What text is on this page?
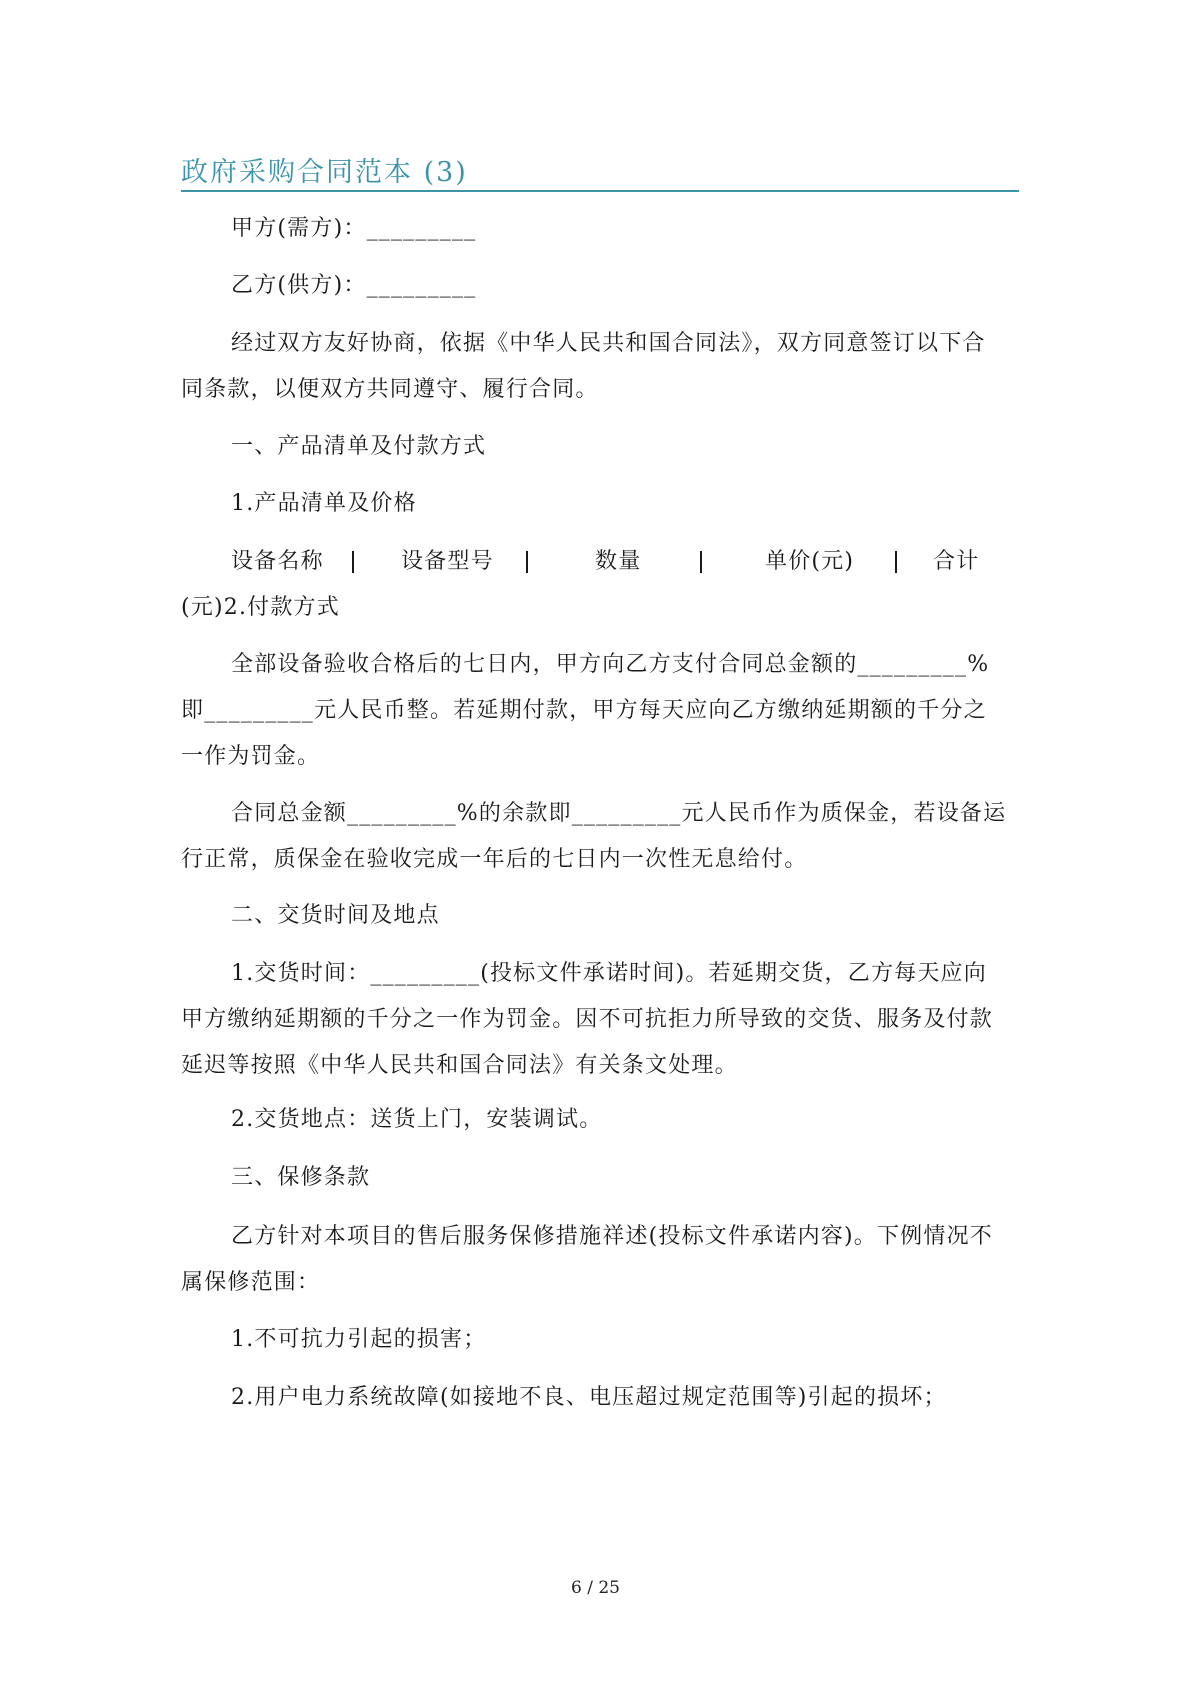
政府采购合同范本 (3)
甲方(需方)：_________
乙方(供方)：_________
经过双方友好协商，依据《中华人民共和国合同法》，双方同意签订以下合
同条款，以便双方共同遵守、履行合同。
一、产品清单及付款方式
1.产品清单及价格
设备名称	设备型号	数量	单价(元)	合计
(元)2.付款方式
全部设备验收合格后的七日内，甲方向乙方支付合同总金额的_________%
即_________元人民币整。若延期付款，甲方每天应向乙方缴纳延期额的千分之
一作为罚金。
合同总金额_________%的余款即_________元人民币作为质保金，若设备运
行正常，质保金在验收完成一年后的七日内一次性无息给付。
二、交货时间及地点
1.交货时间：_________(投标文件承诺时间)。若延期交货，乙方每天应向
甲方缴纳延期额的千分之一作为罚金。因不可抗拒力所导致的交货、服务及付款
延迟等按照《中华人民共和国合同法》有关条文处理。
2.交货地点：送货上门，安装调试。
三、保修条款
乙方针对本项目的售后服务保修措施祥述(投标文件承诺内容)。下例情况不
属保修范围：
1.不可抗力引起的损害；
2.用户电力系统故障(如接地不良、电压超过规定范围等)引起的损坏；
6 / 25
